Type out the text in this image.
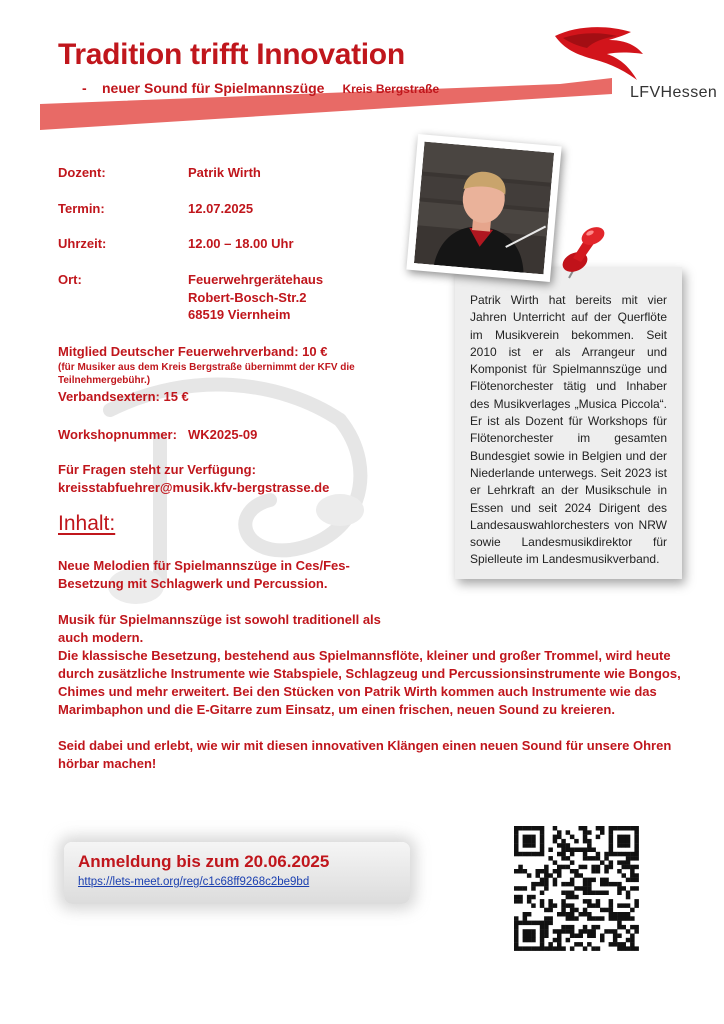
LFVHessen
Tradition trifft Innovation
- neuer Sound für Spielmannszüge Kreis Bergstraße
Dozent:	Patrik Wirth
Termin:	12.07.2025
Uhrzeit:	12.00 – 18.00 Uhr
Ort:	Feuerwehrgerätehaus
Robert-Bosch-Str.2
68519 Viernheim
Mitglied Deutscher Feuerwehrverband: 10 €
(für Musiker aus dem Kreis Bergstraße übernimmt der KFV die
Teilnehmergebühr.)
Verbandsextern: 15 €
Workshopnummer: WK2025-09
Für Fragen steht zur Verfügung:
kreisstabfuehrer@musik.kfv-bergstrasse.de
Inhalt:
Neue Melodien für Spielmannszüge in Ces/Fes-
Besetzung mit Schlagwerk und Percussion.
Musik für Spielmannszüge ist sowohl traditionell als
auch modern.
Die klassische Besetzung, bestehend aus Spielmannsflöte, kleiner und großer Trommel, wird heute
durch zusätzliche Instrumente wie Stabspiele, Schlagzeug und Percussionsinstrumente wie Bongos,
Chimes und mehr erweitert. Bei den Stücken von Patrik Wirth kommen auch Instrumente wie das
Marimbaphon und die E-Gitarre zum Einsatz, um einen frischen, neuen Sound zu kreieren.
Seid dabei und erlebt, wie wir mit diesen innovativen Klängen einen neuen Sound für unsere Ohren
hörbar machen!
Patrik Wirth hat bereits mit vier Jahren Unterricht auf der Querflöte im Musikverein bekommen. Seit 2010 ist er als Arrangeur und Komponist für Spielmannszüge und Flötenorchester tätig und Inhaber des Musikverlages „Musica Piccola“. Er ist als Dozent für Workshops für Flötenorchester im gesamten Bundesgiet sowie in Belgien und der Niederlande unterwegs. Seit 2023 ist er Lehrkraft an der Musikschule in Essen und seit 2024 Dirigent des Landesauswahlorchesters von NRW sowie Landesmusikdirektor für Spielleute im Landesmusikverband.
Anmeldung bis zum 20.06.2025
https://lets-meet.org/reg/c1c68ff9268c2be9bd
